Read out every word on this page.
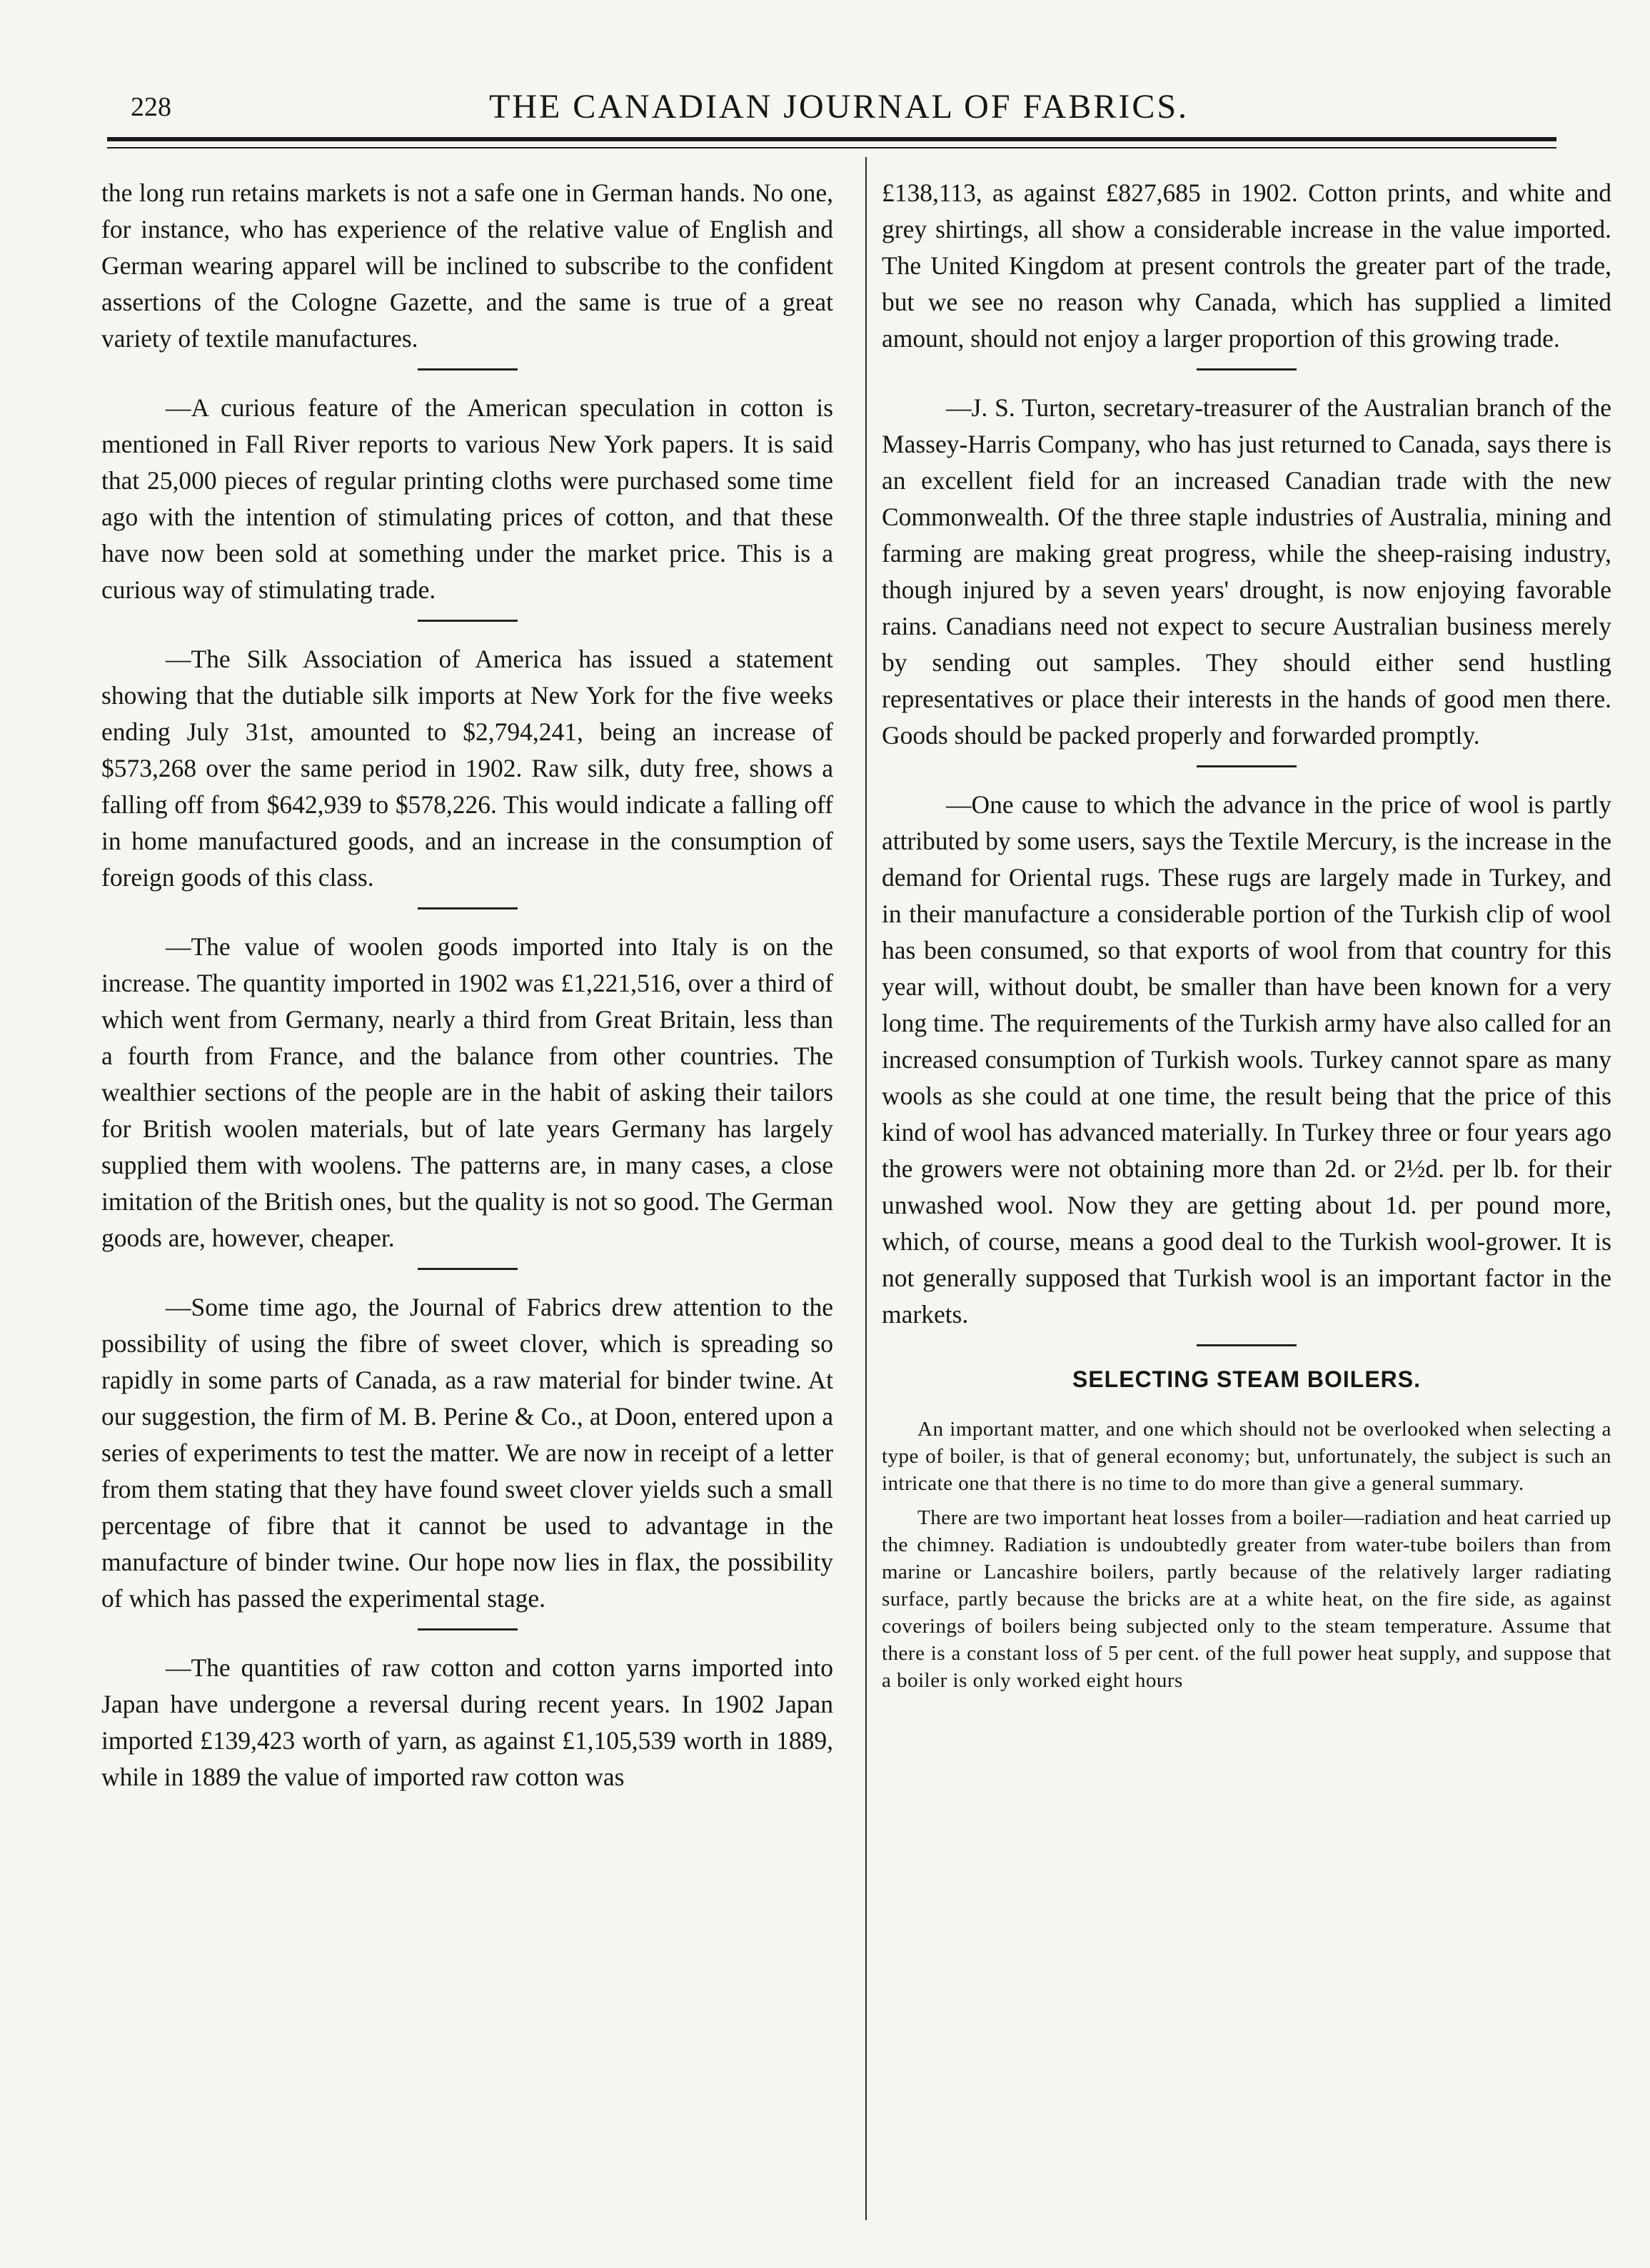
228	THE CANADIAN JOURNAL OF FABRICS.

the long run retains markets is not a safe one in German hands. No one, for instance, who has experience of the relative value of English and German wearing apparel will be inclined to subscribe to the confident assertions of the Cologne Gazette, and the same is true of a great variety of textile manufactures.

—A curious feature of the American speculation in cotton is mentioned in Fall River reports to various New York papers. It is said that 25,000 pieces of regular printing cloths were purchased some time ago with the intention of stimulating prices of cotton, and that these have now been sold at something under the market price. This is a curious way of stimulating trade.

—The Silk Association of America has issued a statement showing that the dutiable silk imports at New York for the five weeks ending July 31st, amounted to $2,794,241, being an increase of $573,268 over the same period in 1902. Raw silk, duty free, shows a falling off from $642,939 to $578,226. This would indicate a falling off in home manufactured goods, and an increase in the consumption of foreign goods of this class.

—The value of woolen goods imported into Italy is on the increase. The quantity imported in 1902 was £1,221,516, over a third of which went from Germany, nearly a third from Great Britain, less than a fourth from France, and the balance from other countries. The wealthier sections of the people are in the habit of asking their tailors for British woolen materials, but of late years Germany has largely supplied them with woolens. The patterns are, in many cases, a close imitation of the British ones, but the quality is not so good. The German goods are, however, cheaper.

—Some time ago, the Journal of Fabrics drew attention to the possibility of using the fibre of sweet clover, which is spreading so rapidly in some parts of Canada, as a raw material for binder twine. At our suggestion, the firm of M. B. Perine & Co., at Doon, entered upon a series of experiments to test the matter. We are now in receipt of a letter from them stating that they have found sweet clover yields such a small percentage of fibre that it cannot be used to advantage in the manufacture of binder twine. Our hope now lies in flax, the possibility of which has passed the experimental stage.

—The quantities of raw cotton and cotton yarns imported into Japan have undergone a reversal during recent years. In 1902 Japan imported £139,423 worth of yarn, as against £1,105,539 worth in 1889, while in 1889 the value of imported raw cotton was

£138,113, as against £827,685 in 1902. Cotton prints, and white and grey shirtings, all show a considerable increase in the value imported. The United Kingdom at present controls the greater part of the trade, but we see no reason why Canada, which has supplied a limited amount, should not enjoy a larger proportion of this growing trade.

—J. S. Turton, secretary-treasurer of the Australian branch of the Massey-Harris Company, who has just returned to Canada, says there is an excellent field for an increased Canadian trade with the new Commonwealth. Of the three staple industries of Australia, mining and farming are making great progress, while the sheep-raising industry, though injured by a seven years' drought, is now enjoying favorable rains. Canadians need not expect to secure Australian business merely by sending out samples. They should either send hustling representatives or place their interests in the hands of good men there. Goods should be packed properly and forwarded promptly.

—One cause to which the advance in the price of wool is partly attributed by some users, says the Textile Mercury, is the increase in the demand for Oriental rugs. These rugs are largely made in Turkey, and in their manufacture a considerable portion of the Turkish clip of wool has been consumed, so that exports of wool from that country for this year will, without doubt, be smaller than have been known for a very long time. The requirements of the Turkish army have also called for an increased consumption of Turkish wools. Turkey cannot spare as many wools as she could at one time, the result being that the price of this kind of wool has advanced materially. In Turkey three or four years ago the growers were not obtaining more than 2d. or 2½d. per lb. for their unwashed wool. Now they are getting about 1d. per pound more, which, of course, means a good deal to the Turkish wool-grower. It is not generally supposed that Turkish wool is an important factor in the markets.

SELECTING STEAM BOILERS.

An important matter, and one which should not be overlooked when selecting a type of boiler, is that of general economy; but, unfortunately, the subject is such an intricate one that there is no time to do more than give a general summary.

There are two important heat losses from a boiler—radiation and heat carried up the chimney. Radiation is undoubtedly greater from water-tube boilers than from marine or Lancashire boilers, partly because of the relatively larger radiating surface, partly because the bricks are at a white heat, on the fire side, as against coverings of boilers being subjected only to the steam temperature. Assume that there is a constant loss of 5 per cent. of the full power heat supply, and suppose that a boiler is only worked eight hours
